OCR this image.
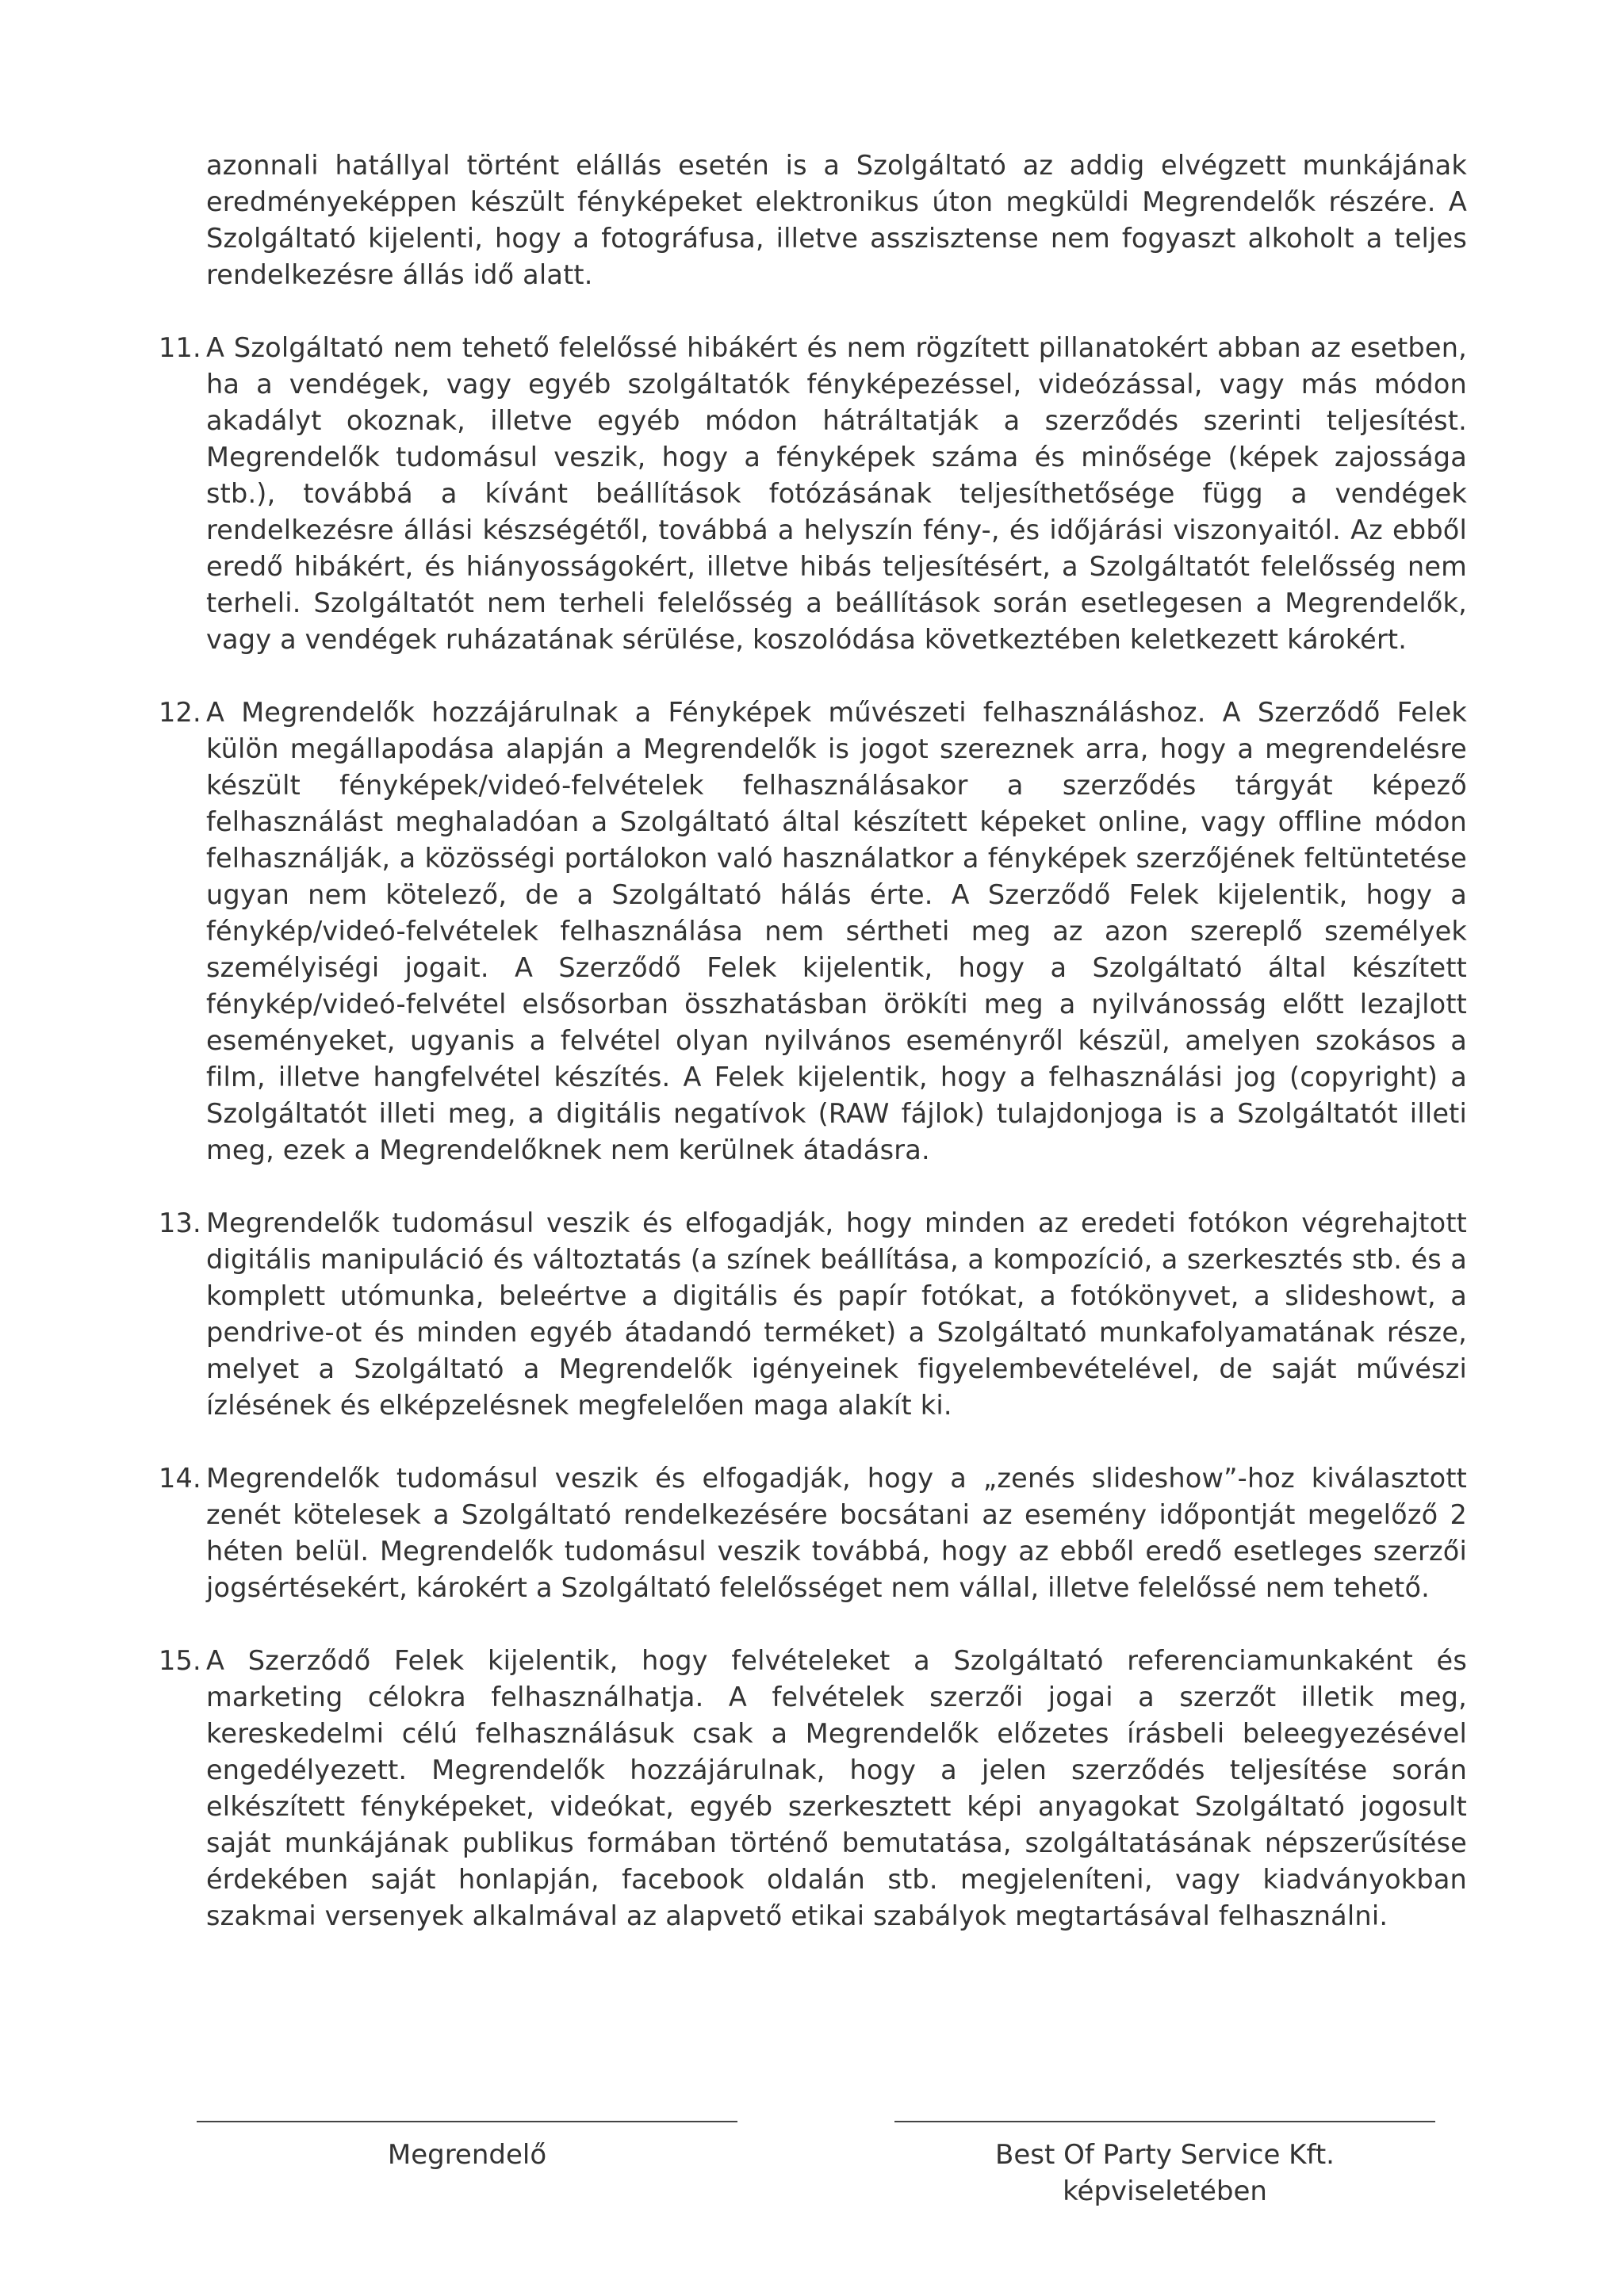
azonnali hatállyal történt elállás esetén is a Szolgáltató az addig elvégzett munkájának eredményeképpen készült fényképeket elektronikus úton megküldi Megrendelők részére. A Szolgáltató kijelenti, hogy a fotográfusa, illetve asszisztense nem fogyaszt alkoholt a teljes rendelkezésre állás idő alatt.

11. A Szolgáltató nem tehető felelőssé hibákért és nem rögzített pillanatokért abban az esetben, ha a vendégek, vagy egyéb szolgáltatók fényképezéssel, videózással, vagy más módon akadályt okoznak, illetve egyéb módon hátráltatják a szerződés szerinti teljesítést. Megrendelők tudomásul veszik, hogy a fényképek száma és minősége (képek zajossága stb.), továbbá a kívánt beállítások fotózásának teljesíthetősége függ a vendégek rendelkezésre állási készségétől, továbbá a helyszín fény-, és időjárási viszonyaitól. Az ebből eredő hibákért, és hiányosságokért, illetve hibás teljesítésért, a Szolgáltatót felelősség nem terheli. Szolgáltatót nem terheli felelősség a beállítások során esetlegesen a Megrendelők, vagy a vendégek ruházatának sérülése, koszolódása következtében keletkezett károkért.

12. A Megrendelők hozzájárulnak a Fényképek művészeti felhasználáshoz. A Szerződő Felek külön megállapodása alapján a Megrendelők is jogot szereznek arra, hogy a megrendelésre készült fényképek/videó-felvételek felhasználásakor a szerződés tárgyát képező felhasználást meghaladóan a Szolgáltató által készített képeket online, vagy offline módon felhasználják, a közösségi portálokon való használatkor a fényképek szerzőjének feltüntetése ugyan nem kötelező, de a Szolgáltató hálás érte. A Szerződő Felek kijelentik, hogy a fénykép/videó-felvételek felhasználása nem sértheti meg az azon szereplő személyek személyiségi jogait. A Szerződő Felek kijelentik, hogy a Szolgáltató által készített fénykép/videó-felvétel elsősorban összhatásban örökíti meg a nyilvánosság előtt lezajlott eseményeket, ugyanis a felvétel olyan nyilvános eseményről készül, amelyen szokásos a film, illetve hangfelvétel készítés. A Felek kijelentik, hogy a felhasználási jog (copyright) a Szolgáltatót illeti meg, a digitális negatívok (RAW fájlok) tulajdonjoga is a Szolgáltatót illeti meg, ezek a Megrendelőknek nem kerülnek átadásra.

13. Megrendelők tudomásul veszik és elfogadják, hogy minden az eredeti fotókon végrehajtott digitális manipuláció és változtatás (a színek beállítása, a kompozíció, a szerkesztés stb. és a komplett utómunka, beleértve a digitális és papír fotókat, a fotókönyvet, a slideshowt, a pendrive-ot és minden egyéb átadandó terméket) a Szolgáltató munkafolyamatának része, melyet a Szolgáltató a Megrendelők igényeinek figyelembevételével, de saját művészi ízlésének és elképzelésnek megfelelően maga alakít ki.

14. Megrendelők tudomásul veszik és elfogadják, hogy a „zenés slideshow”-hoz kiválasztott zenét kötelesek a Szolgáltató rendelkezésére bocsátani az esemény időpontját megelőző 2 héten belül. Megrendelők tudomásul veszik továbbá, hogy az ebből eredő esetleges szerzői jogsértésekért, károkért a Szolgáltató felelősséget nem vállal, illetve felelőssé nem tehető.

15. A Szerződő Felek kijelentik, hogy felvételeket a Szolgáltató referenciamunkaként és marketing célokra felhasználhatja. A felvételek szerzői jogai a szerzőt illetik meg, kereskedelmi célú felhasználásuk csak a Megrendelők előzetes írásbeli beleegyezésével engedélyezett. Megrendelők hozzájárulnak, hogy a jelen szerződés teljesítése során elkészített fényképeket, videókat, egyéb szerkesztett képi anyagokat Szolgáltató jogosult saját munkájának publikus formában történő bemutatása, szolgáltatásának népszerűsítése érdekében saját honlapján, facebook oldalán stb. megjeleníteni, vagy kiadványokban szakmai versenyek alkalmával az alapvető etikai szabályok megtartásával felhasználni.

Megrendelő	Best Of Party Service Kft.
képviseletében
